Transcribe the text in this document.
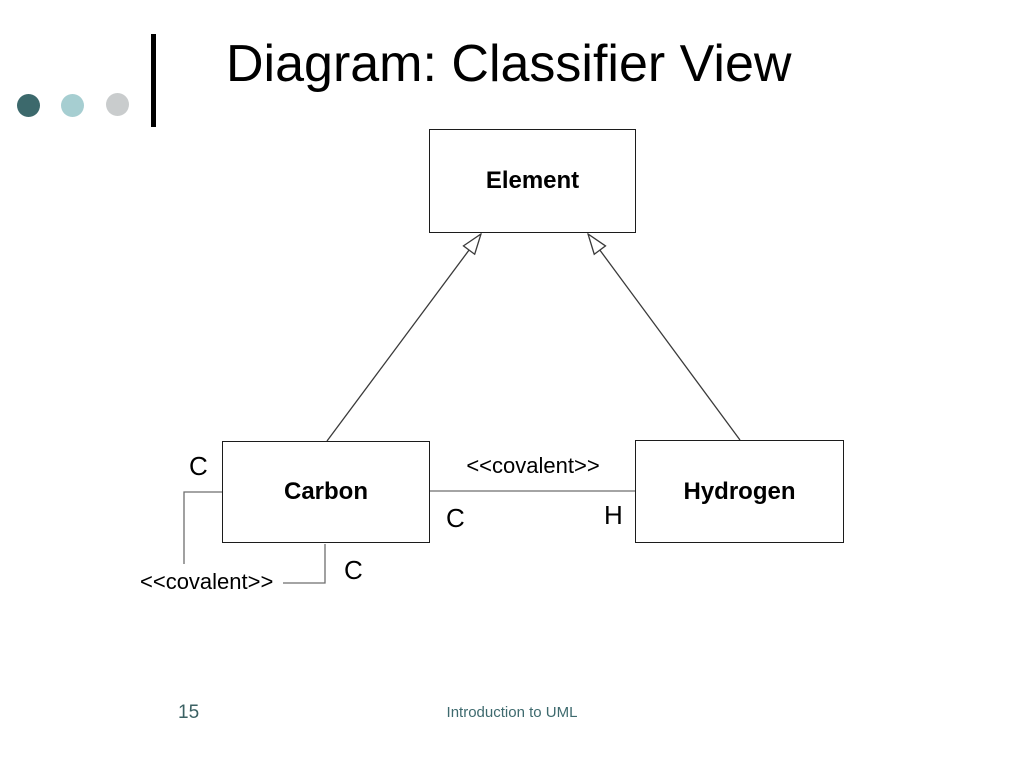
Diagram: Classifier View
Element
Carbon	Hydrogen
<<covalent>>
C	H
C
C
<<covalent>>
15	Introduction to UML
